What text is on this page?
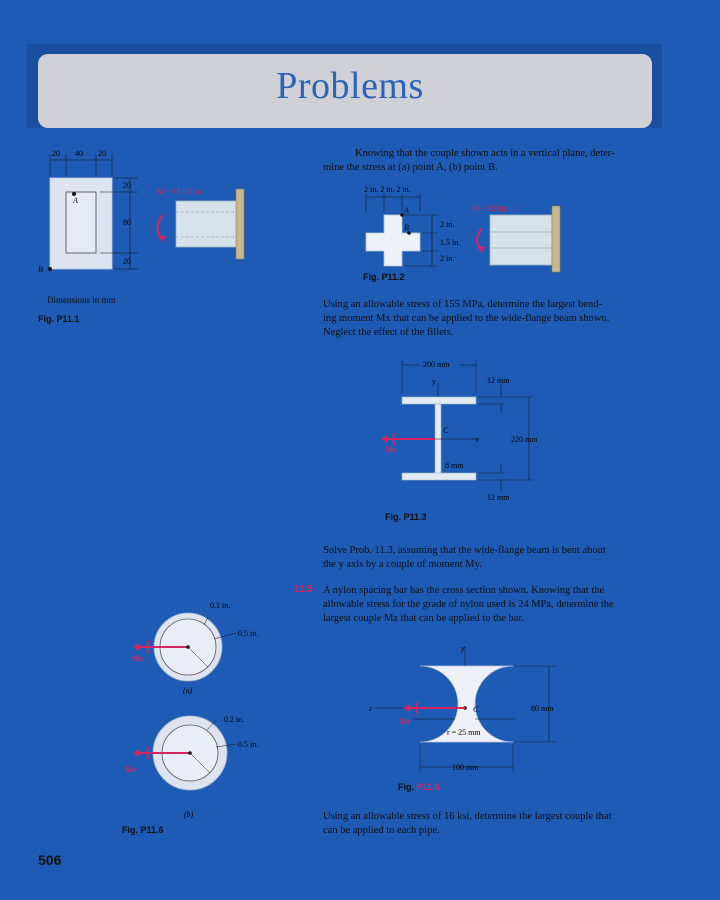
Problems
20 40 20
A
B
20
80
20
M = 15 kN·m
Dimensions in mm
Fig. P11.1
Knowing that the couple shown acts in a vertical plane, deter-
mine the stress at (a) point A, (b) point B.
2 in. 2 in. 2 in.
A
B	2 in.
1.5 in.
2 in.
M = 25 kip·in.
Fig. P11.2
Using an allowable stress of 155 MPa, determine the largest bend-
ing moment Mx that can be applied to the wide-flange beam shown.
Neglect the effect of the fillets.
200 mm
y
C
x
Mx
8 mm
12 mm
220 mm
12 mm
Fig. P11.3
Solve Prob. 11.3, assuming that the wide-flange beam is bent about
the y axis by a couple of moment My.
11.5 A nylon spacing bar has the cross section shown. Knowing that the
allowable stress for the grade of nylon used is 24 MPa, determine the
largest couple Mz that can be applied to the bar.
y
z	C
Mz
r = 25 mm
80 mm
100 mm
Fig. P11.5
0.1 in.
0.5 in.
Mz
(a)
0.2 in.
0.5 in.
Mz
(b)
Fig. P11.6
Using an allowable stress of 16 ksi, determine the largest couple that
can be applied to each pipe.
506
